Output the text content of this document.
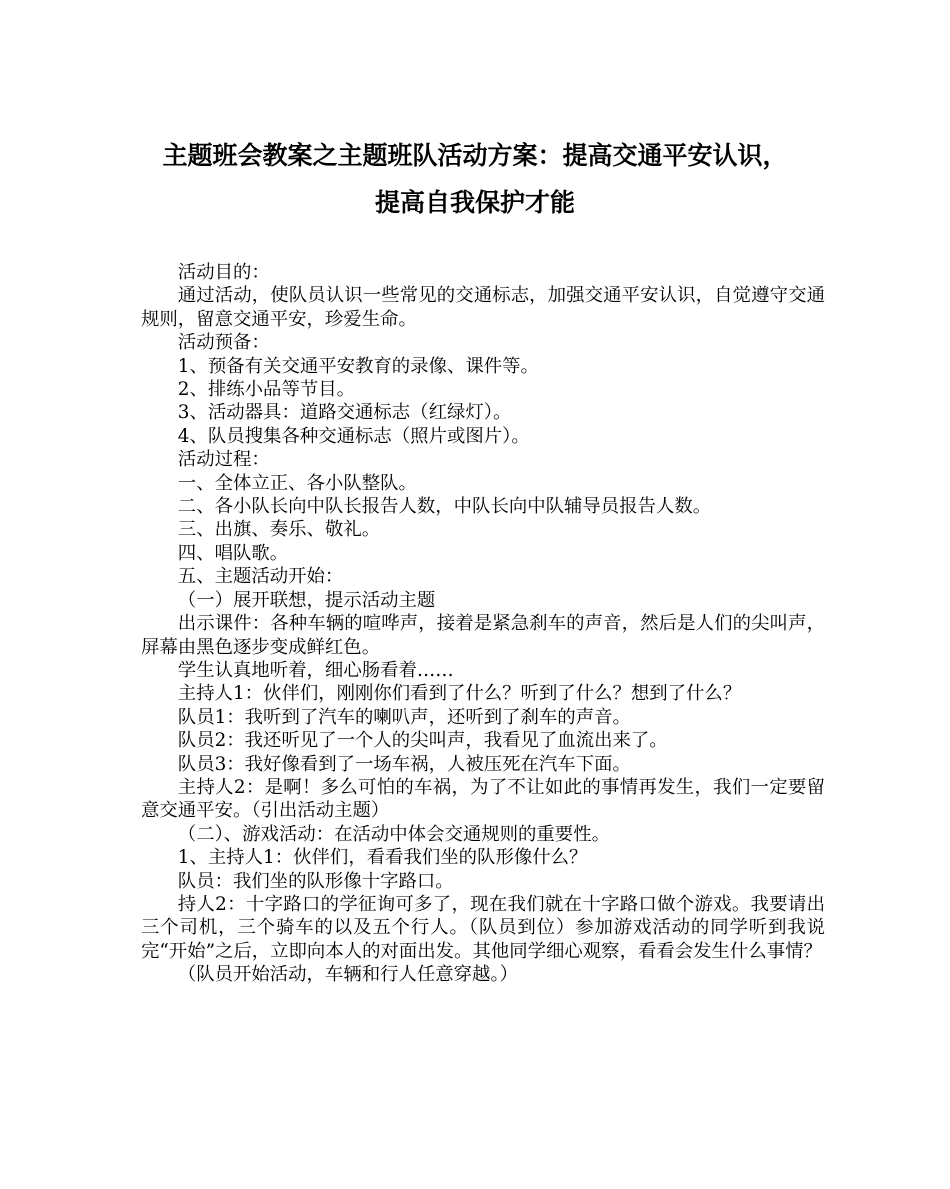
主题班会教案之主题班队活动方案：提高交通平安认识，
提高自我保护才能

活动目的：

通过活动，使队员认识一些常见的交通标志，加强交通平安认识，自觉遵守交通规则，留意交通平安，珍爱生命。

活动预备：

1、预备有关交通平安教育的录像、课件等。

2、排练小品等节目。

3、活动器具：道路交通标志（红绿灯）。

4、队员搜集各种交通标志（照片或图片）。

活动过程：

一、全体立正、各小队整队。

二、各小队长向中队长报告人数，中队长向中队辅导员报告人数。

三、出旗、奏乐、敬礼。

四、唱队歌。

五、主题活动开始：

（一）展开联想，提示活动主题

出示课件：各种车辆的喧哗声，接着是紧急刹车的声音，然后是人们的尖叫声，屏幕由黑色逐步变成鲜红色。

学生认真地听着，细心肠看着……

主持人1：伙伴们，刚刚你们看到了什么？听到了什么？想到了什么？

队员1：我听到了汽车的喇叭声，还听到了刹车的声音。

队员2：我还听见了一个人的尖叫声，我看见了血流出来了。

队员3：我好像看到了一场车祸，人被压死在汽车下面。

主持人2：是啊！多么可怕的车祸，为了不让如此的事情再发生，我们一定要留意交通平安。（引出活动主题）

（二）、游戏活动：在活动中体会交通规则的重要性。

1、主持人1：伙伴们，看看我们坐的队形像什么？

队员：我们坐的队形像十字路口。

持人2：十字路口的学征询可多了，现在我们就在十字路口做个游戏。我要请出三个司机，三个骑车的以及五个行人。（队员到位）参加游戏活动的同学听到我说完“开始”之后，立即向本人的对面出发。其他同学细心观察，看看会发生什么事情？

（队员开始活动，车辆和行人任意穿越。）
